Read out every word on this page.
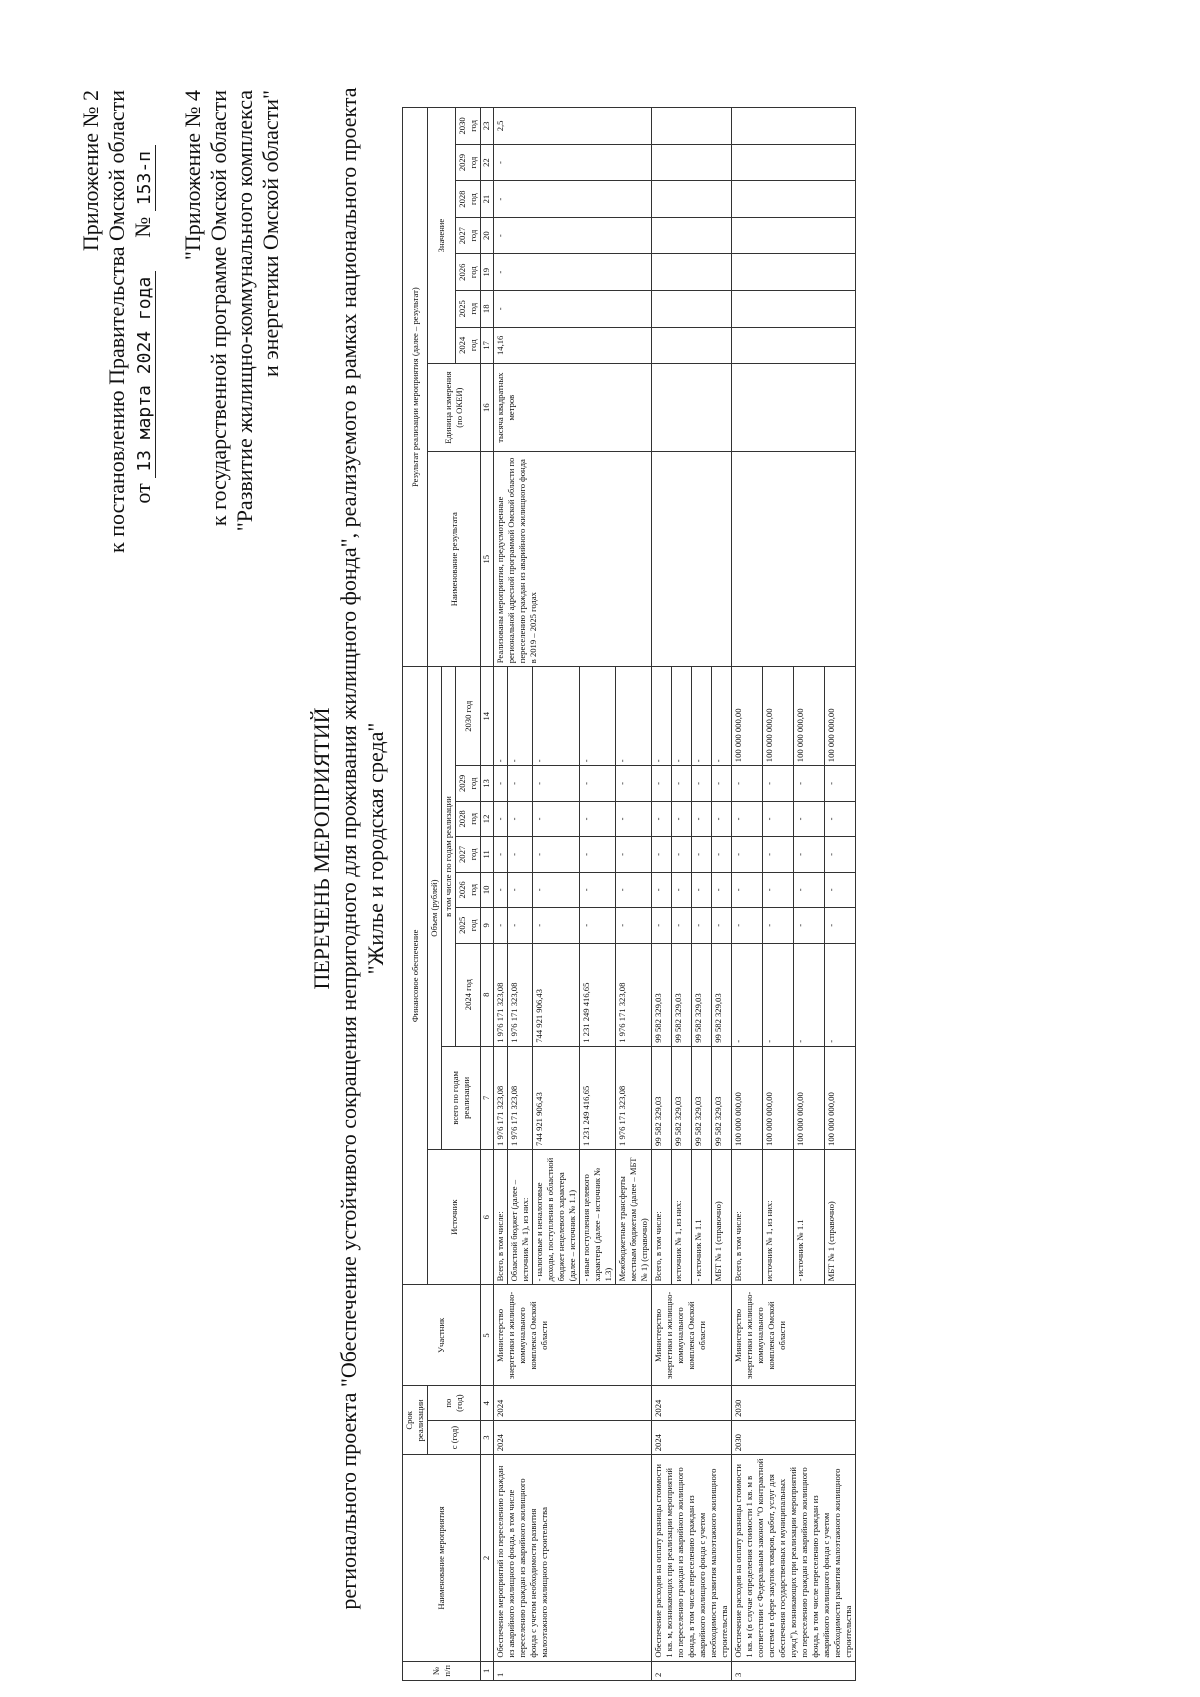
Приложение № 2 к постановлению Правительства Омской области от 13 марта 2024 года      № 153-п "Приложение № 4 к государственной программе Омской области "Развитие жилищно-коммунального комплекса и энергетики Омской области"
ПЕРЕЧЕНЬ МЕРОПРИЯТИЙ регионального проекта "Обеспечение устойчивого сокращения непригодного для проживания жилищного фонда", реализуемого в рамках национального проекта "Жилье и городская среда"
№ п/п	Наименование мероприятия	Срок реализации		Участник	Финансовое обеспечение									Результат реализации мероприятия (далее – результат)								
		с (год)	по (год)		Источник	Объем (рублей)								Наименование результата	Единица измерения (по ОКЕИ)	Значение						
						всего по годам реализации	в том числе по годам реализации															
							2024 год	2025 год	2026 год	2027 год	2028 год	2029 год	2030 год			2024 год	2025 год	2026 год	2027 год	2028 год	2029 год	2030 год
1	2	3	4	5	6	7	8	9	10	11	12	13	14	15	16	17	18	19	20	21	22	23
1	Обеспечение мероприятий по переселению граждан из аварийного жилищного фонда, в том числе переселению граждан из аварийного жилищного фонда с учетом необходимости развития малоэтажного жилищного строительства	2024	2024	Министерство энергетики и жилищно-коммунального комплекса Омской области	Всего, в том числе:	1 976 171 323,08	1 976 171 323,08	-	-	-	-	-	-	Реализованы мероприятия, предусмотренные региональной адресной программой Омской области по переселению граждан из аварийного жилищного фонда в 2019 – 2025 годах	тысяча квадратных метров	14,16	-	-	-	-	-	2,5
					Областной бюджет (далее – источник № 1), из них:	1 976 171 323,08	1 976 171 323,08	-	-	-	-	-	-									
					- налоговые и неналоговые доходы, поступления в областной бюджет нецелевого характера (далее – источник № 1.1)	744 921 906,43	744 921 906,43	-	-	-	-	-	-									
					- иные поступления целевого характера (далее – источник № 1.3)	1 231 249 416,65	1 231 249 416,65	-	-	-	-	-	-									
					Межбюджетные трансферты местным бюджетам (далее – МБТ № 1) (справочно)	1 976 171 323,08	1 976 171 323,08	-	-	-	-	-	-									
2	Обеспечение расходов на оплату разницы стоимости 1 кв. м, возникающих при реализации мероприятий по переселению граждан из аварийного жилищного фонда, в том числе переселению граждан из аварийного жилищного фонда с учетом необходимости развития малоэтажного жилищного строительства	2024	2024	Министерство энергетики и жилищно-коммунального комплекса Омской области	Всего, в том числе:	99 582 329,03	99 582 329,03	-	-	-	-	-	-									
					источник № 1, из них:	99 582 329,03	99 582 329,03	-	-	-	-	-	-									
					- источник № 1.1	99 582 329,03	99 582 329,03	-	-	-	-	-	-									
					МБТ № 1 (справочно)	99 582 329,03	99 582 329,03	-	-	-	-	-	-									
3	Обеспечение расходов на оплату разницы стоимости 1 кв. м (в случае определения стоимости 1 кв. м в соответствии с Федеральным законом "О контрактной системе в сфере закупок товаров, работ, услуг для обеспечения государственных и муниципальных нужд"), возникающих при реализации мероприятий по переселению граждан из аварийного жилищного фонда, в том числе переселению граждан из аварийного жилищного фонда с учетом необходимости развития малоэтажного жилищного строительства	2030	2030	Министерство энергетики и жилищно-коммунального комплекса Омской области	Всего, в том числе:	100 000 000,00	-	-	-	-	-	-	100 000 000,00									
					источник № 1, из них:	100 000 000,00	-	-	-	-	-	-	100 000 000,00									
					- источник № 1.1	100 000 000,00	-	-	-	-	-	-	100 000 000,00									
					МБТ № 1 (справочно)	100 000 000,00	-	-	-	-	-	-	100 000 000,00									
